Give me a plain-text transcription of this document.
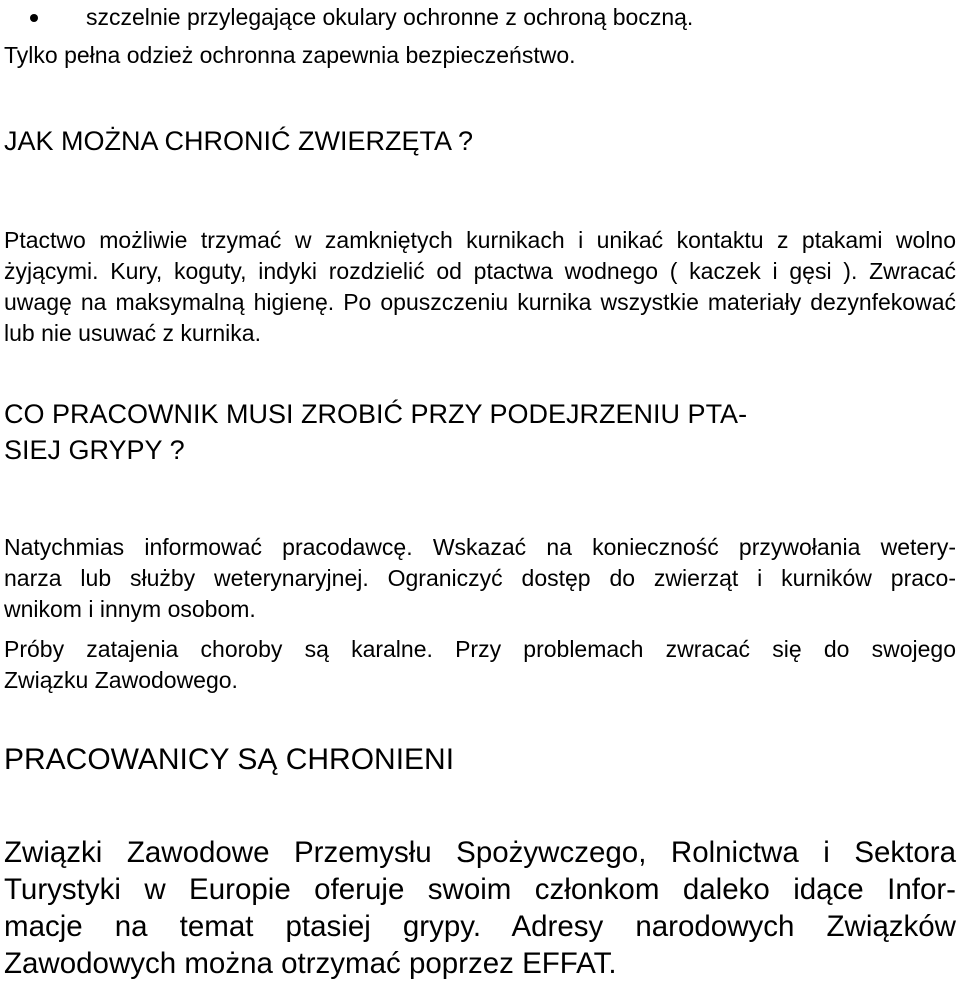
szczelnie przylegające okulary ochronne z ochroną boczną.

Tylko pełna odzież ochronna zapewnia bezpieczeństwo.

JAK MOŻNA CHRONIĆ ZWIERZĘTA ?

Ptactwo możliwie trzymać w zamkniętych kurnikach i unikać kontaktu z ptakami wolno żyjącymi. Kury, koguty, indyki rozdzielić od ptactwa wodnego ( kaczek i gęsi ). Zwracać uwagę na maksymalną higienę. Po opuszczeniu kurnika wszystkie materiały dezynfekować lub nie usuwać z kurnika.

CO PRACOWNIK MUSI ZROBIĆ PRZY PODEJRZENIU PTA-
SIEJ GRYPY ?

Natychmias informować pracodawcę. Wskazać na konieczność przywołania wetery-
narza lub służby weterynaryjnej. Ograniczyć dostęp do zwierząt i kurników praco-
wnikom i innym osobom.

Próby zatajenia choroby są karalne. Przy problemach zwracać się do swojego
Związku Zawodowego.

PRACOWANICY SĄ CHRONIENI

Związki Zawodowe Przemysłu Spożywczego, Rolnictwa i Sektora
Turystyki w Europie oferuje swoim członkom daleko idące Infor-
macje na temat ptasiej grypy. Adresy narodowych Związków
Zawodowych można otrzymać poprzez EFFAT.
